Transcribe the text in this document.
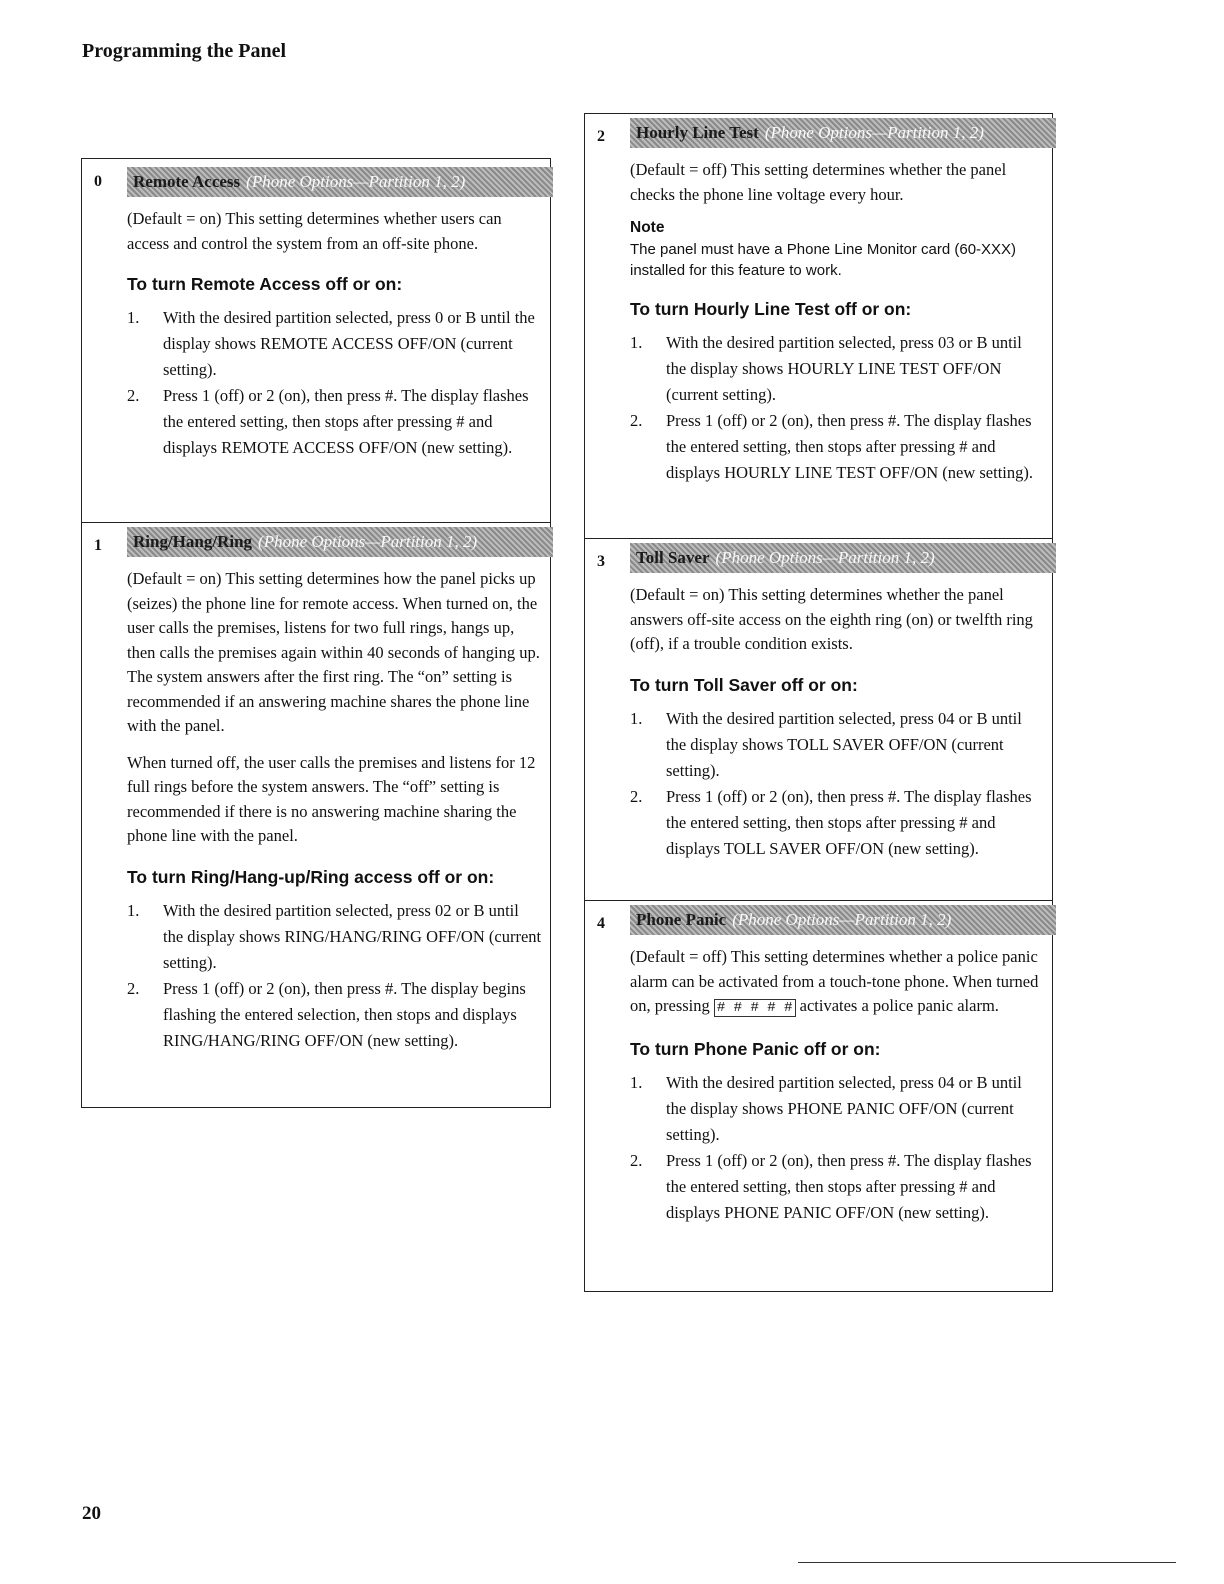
Programming the Panel
0 Remote Access (Phone Options—Partition 1, 2)

(Default = on) This setting determines whether users can access and control the system from an off-site phone.

To turn Remote Access off or on:
1.	With the desired partition selected, press 0 or B until the display shows REMOTE ACCESS OFF/ON (current setting).
2.	Press 1 (off) or 2 (on), then press #. The display flashes the entered setting, then stops after pressing # and displays REMOTE ACCESS OFF/ON (new setting).
1 Ring/Hang/Ring (Phone Options—Partition 1, 2)

(Default = on) This setting determines how the panel picks up (seizes) the phone line for remote access. When turned on, the user calls the premises, listens for two full rings, hangs up, then calls the premises again within 40 seconds of hanging up. The system answers after the first ring. The “on” setting is recommended if an answering machine shares the phone line with the panel.

When turned off, the user calls the premises and listens for 12 full rings before the system answers. The “off” setting is recommended if there is no answering machine sharing the phone line with the panel.

To turn Ring/Hang-up/Ring access off or on:
1.	With the desired partition selected, press 02 or B until the display shows RING/HANG/RING OFF/ON (current setting).
2.	Press 1 (off) or 2 (on), then press #. The display begins flashing the entered selection, then stops and displays RING/HANG/RING OFF/ON (new setting).
2 Hourly Line Test (Phone Options—Partition 1, 2)

(Default = off) This setting determines whether the panel checks the phone line voltage every hour.

Note
The panel must have a Phone Line Monitor card (60-XXX) installed for this feature to work.
To turn Hourly Line Test off or on:
1.	With the desired partition selected, press 03 or B until the display shows HOURLY LINE TEST OFF/ON (current setting).
2.	Press 1 (off) or 2 (on), then press #. The display flashes the entered setting, then stops after pressing # and displays HOURLY LINE TEST OFF/ON (new setting).
3 Toll Saver (Phone Options—Partition 1, 2)

(Default = on) This setting determines whether the panel answers off-site access on the eighth ring (on) or twelfth ring (off), if a trouble condition exists.

To turn Toll Saver off or on:
1.	With the desired partition selected, press 04 or B until the display shows TOLL SAVER OFF/ON (current setting).
2.	Press 1 (off) or 2 (on), then press #. The display flashes the entered setting, then stops after pressing # and displays TOLL SAVER OFF/ON (new setting).
4 Phone Panic (Phone Options—Partition 1, 2)

(Default = off) This setting determines whether a police panic alarm can be activated from a touch-tone phone. When turned on, pressing # # # # # activates a police panic alarm.

To turn Phone Panic off or on:
1.	With the desired partition selected, press 04 or B until the display shows PHONE PANIC OFF/ON (current setting).
2.	Press 1 (off) or 2 (on), then press #. The display flashes the entered setting, then stops after pressing # and displays PHONE PANIC OFF/ON (new setting).
20
